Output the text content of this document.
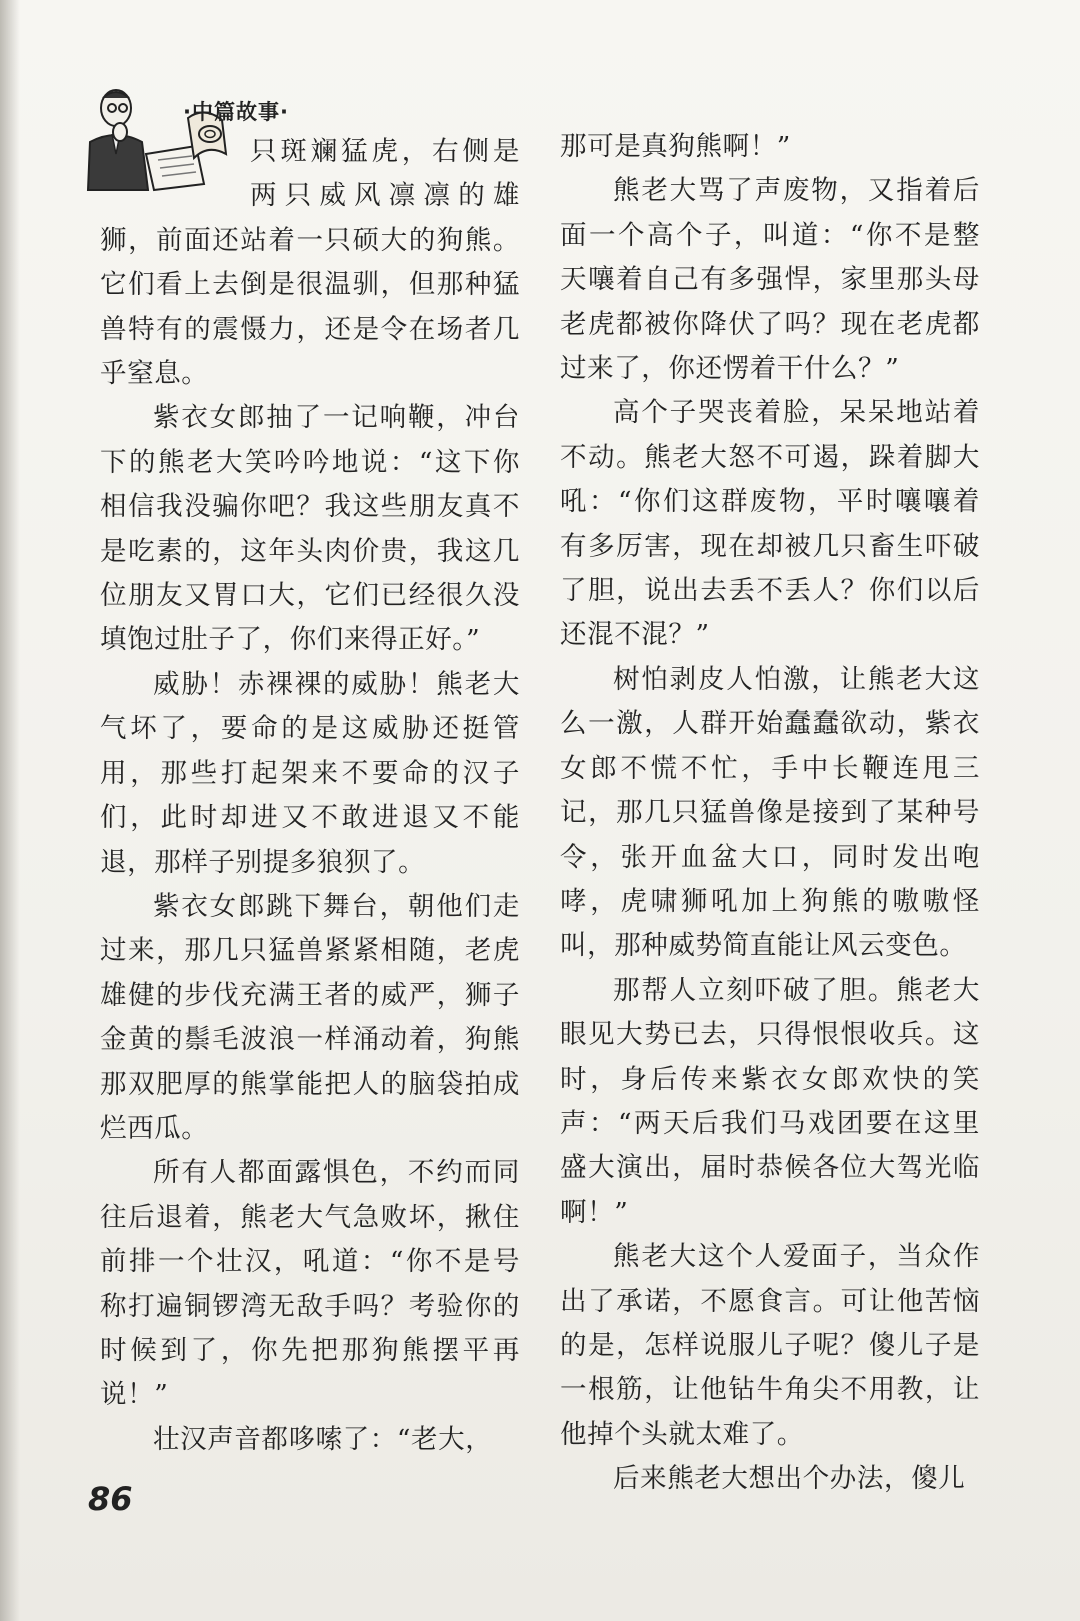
·中篇故事·

只斑斓猛虎，右侧是两只威风凛凛的雄狮，前面还站着一只硕大的狗熊。它们看上去倒是很温驯，但那种猛兽特有的震慑力，还是令在场者几乎窒息。

紫衣女郎抽了一记响鞭，冲台下的熊老大笑吟吟地说：“这下你相信我没骗你吧？我这些朋友真不是吃素的，这年头肉价贵，我这几位朋友又胃口大，它们已经很久没填饱过肚子了，你们来得正好。”

威胁！赤裸裸的威胁！熊老大气坏了，要命的是这威胁还挺管用，那些打起架来不要命的汉子们，此时却进又不敢进退又不能退，那样子别提多狼狈了。

紫衣女郎跳下舞台，朝他们走过来，那几只猛兽紧紧相随，老虎雄健的步伐充满王者的威严，狮子金黄的鬃毛波浪一样涌动着，狗熊那双肥厚的熊掌能把人的脑袋拍成烂西瓜。

所有人都面露惧色，不约而同往后退着，熊老大气急败坏，揪住前排一个壮汉，吼道：“你不是号称打遍铜锣湾无敌手吗？考验你的时候到了，你先把那狗熊摆平再说！”

壮汉声音都哆嗦了：“老大，

那可是真狗熊啊！”

熊老大骂了声废物，又指着后面一个高个子，叫道：“你不是整天嚷着自己有多强悍，家里那头母老虎都被你降伏了吗？现在老虎都过来了，你还愣着干什么？”

高个子哭丧着脸，呆呆地站着不动。熊老大怒不可遏，跺着脚大吼：“你们这群废物，平时嚷嚷着有多厉害，现在却被几只畜生吓破了胆，说出去丢不丢人？你们以后还混不混？”

树怕剥皮人怕激，让熊老大这么一激，人群开始蠢蠢欲动，紫衣女郎不慌不忙，手中长鞭连甩三记，那几只猛兽像是接到了某种号令，张开血盆大口，同时发出咆哮，虎啸狮吼加上狗熊的嗷嗷怪叫，那种威势简直能让风云变色。

那帮人立刻吓破了胆。熊老大眼见大势已去，只得恨恨收兵。这时，身后传来紫衣女郎欢快的笑声：“两天后我们马戏团要在这里盛大演出，届时恭候各位大驾光临啊！”

熊老大这个人爱面子，当众作出了承诺，不愿食言。可让他苦恼的是，怎样说服儿子呢？傻儿子是一根筋，让他钻牛角尖不用教，让他掉个头就太难了。

后来熊老大想出个办法，傻儿

86
